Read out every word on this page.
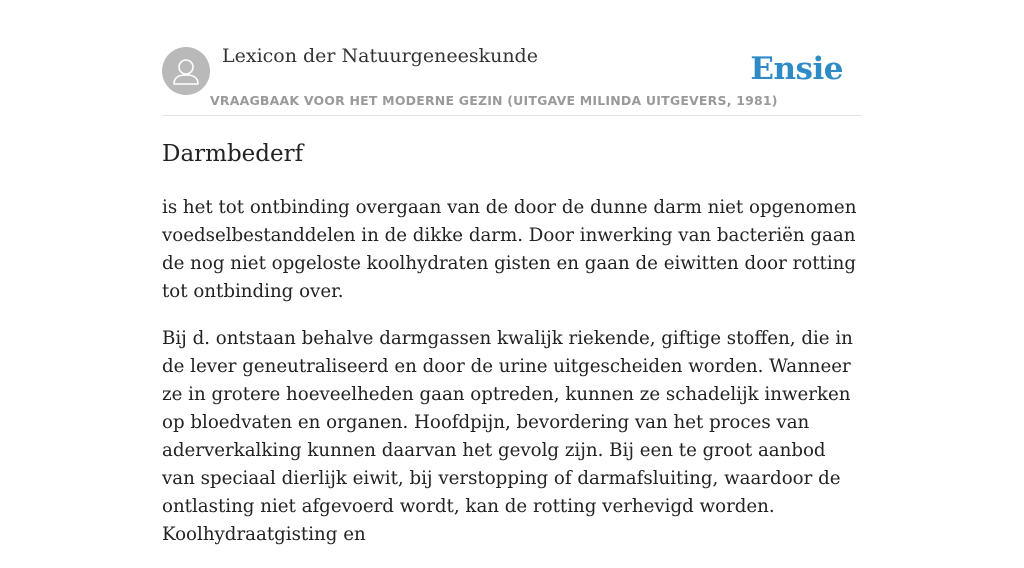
Lexicon der Natuurgeneeskunde
VRAAGBAAK VOOR HET MODERNE GEZIN (UITGAVE MILINDA UITGEVERS, 1981)
Ensie
Darmbederf

is het tot ontbinding overgaan van de door de dunne darm niet opgenomen voedselbestanddelen in de dikke darm. Door inwerking van bacteriën gaan de nog niet opgeloste koolhydraten gisten en gaan de eiwitten door rotting tot ontbinding over.

Bij d. ontstaan behalve darmgassen kwalijk riekende, giftige stoffen, die in de lever geneutraliseerd en door de urine uitgescheiden worden. Wanneer ze in grotere hoeveelheden gaan optreden, kunnen ze schadelijk inwerken op bloedvaten en organen. Hoofdpijn, bevordering van het proces van aderverkalking kunnen daarvan het gevolg zijn. Bij een te groot aanbod van speciaal dierlijk eiwit, bij verstopping of darmafsluiting, waardoor de ontlasting niet afgevoerd wordt, kan de rotting verhevigd worden. Koolhydraatgisting en
